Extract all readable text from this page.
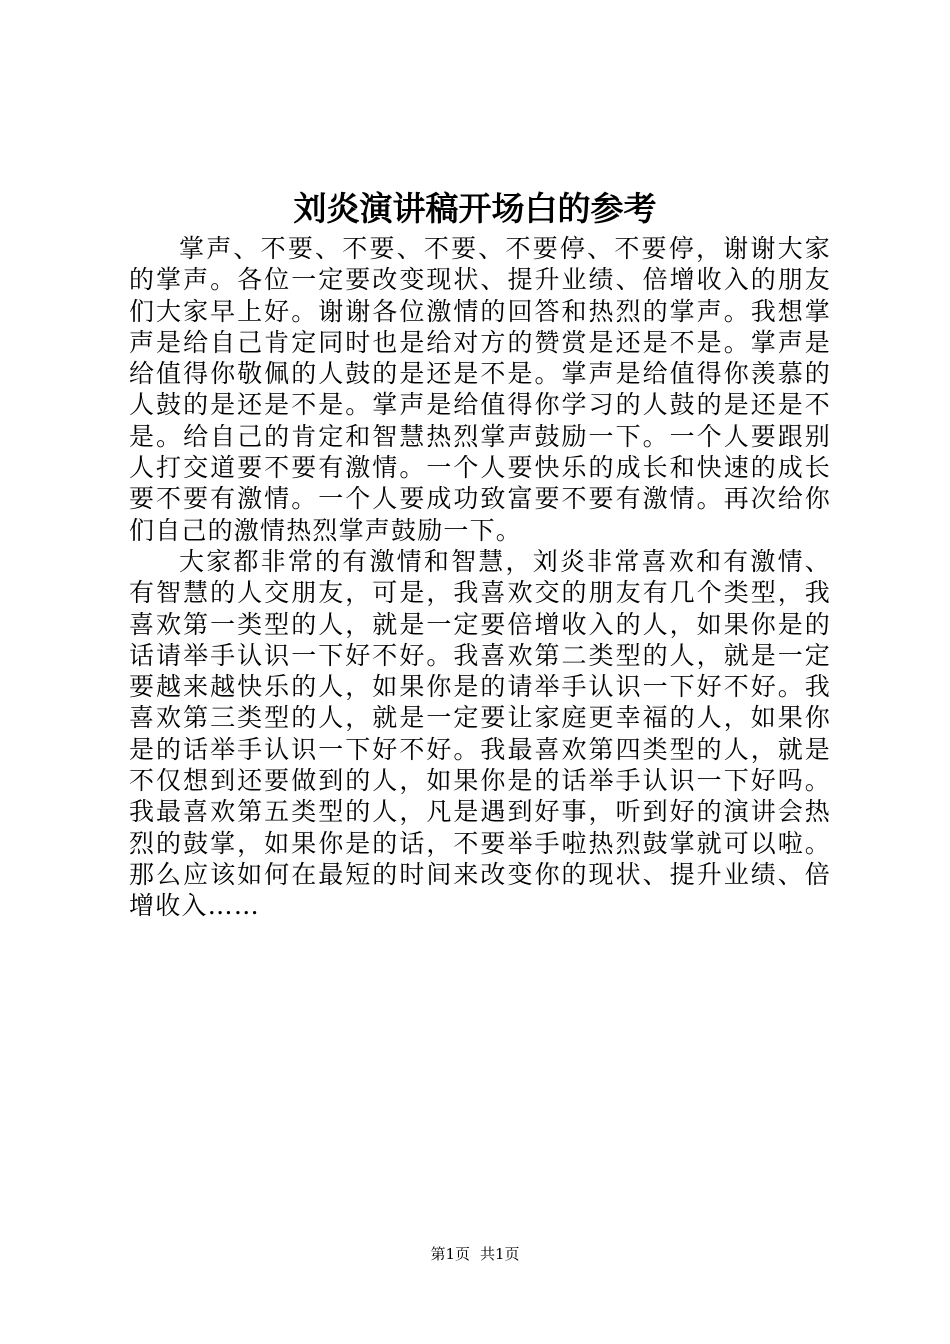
刘炎演讲稿开场白的参考

掌声、不要、不要、不要、不要停、不要停，谢谢大家的掌声。各位一定要改变现状、提升业绩、倍增收入的朋友们大家早上好。谢谢各位激情的回答和热烈的掌声。我想掌声是给自己肯定同时也是给对方的赞赏是还是不是。掌声是给值得你敬佩的人鼓的是还是不是。掌声是给值得你羡慕的人鼓的是还是不是。掌声是给值得你学习的人鼓的是还是不是。给自己的肯定和智慧热烈掌声鼓励一下。一个人要跟别人打交道要不要有激情。一个人要快乐的成长和快速的成长要不要有激情。一个人要成功致富要不要有激情。再次给你们自己的激情热烈掌声鼓励一下。

大家都非常的有激情和智慧，刘炎非常喜欢和有激情、有智慧的人交朋友，可是，我喜欢交的朋友有几个类型，我喜欢第一类型的人，就是一定要倍增收入的人，如果你是的话请举手认识一下好不好。我喜欢第二类型的人，就是一定要越来越快乐的人，如果你是的请举手认识一下好不好。我喜欢第三类型的人，就是一定要让家庭更幸福的人，如果你是的话举手认识一下好不好。我最喜欢第四类型的人，就是不仅想到还要做到的人，如果你是的话举手认识一下好吗。我最喜欢第五类型的人，凡是遇到好事，听到好的演讲会热烈的鼓掌，如果你是的话，不要举手啦热烈鼓掌就可以啦。那么应该如何在最短的时间来改变你的现状、提升业绩、倍增收入……

第1页 共1页
